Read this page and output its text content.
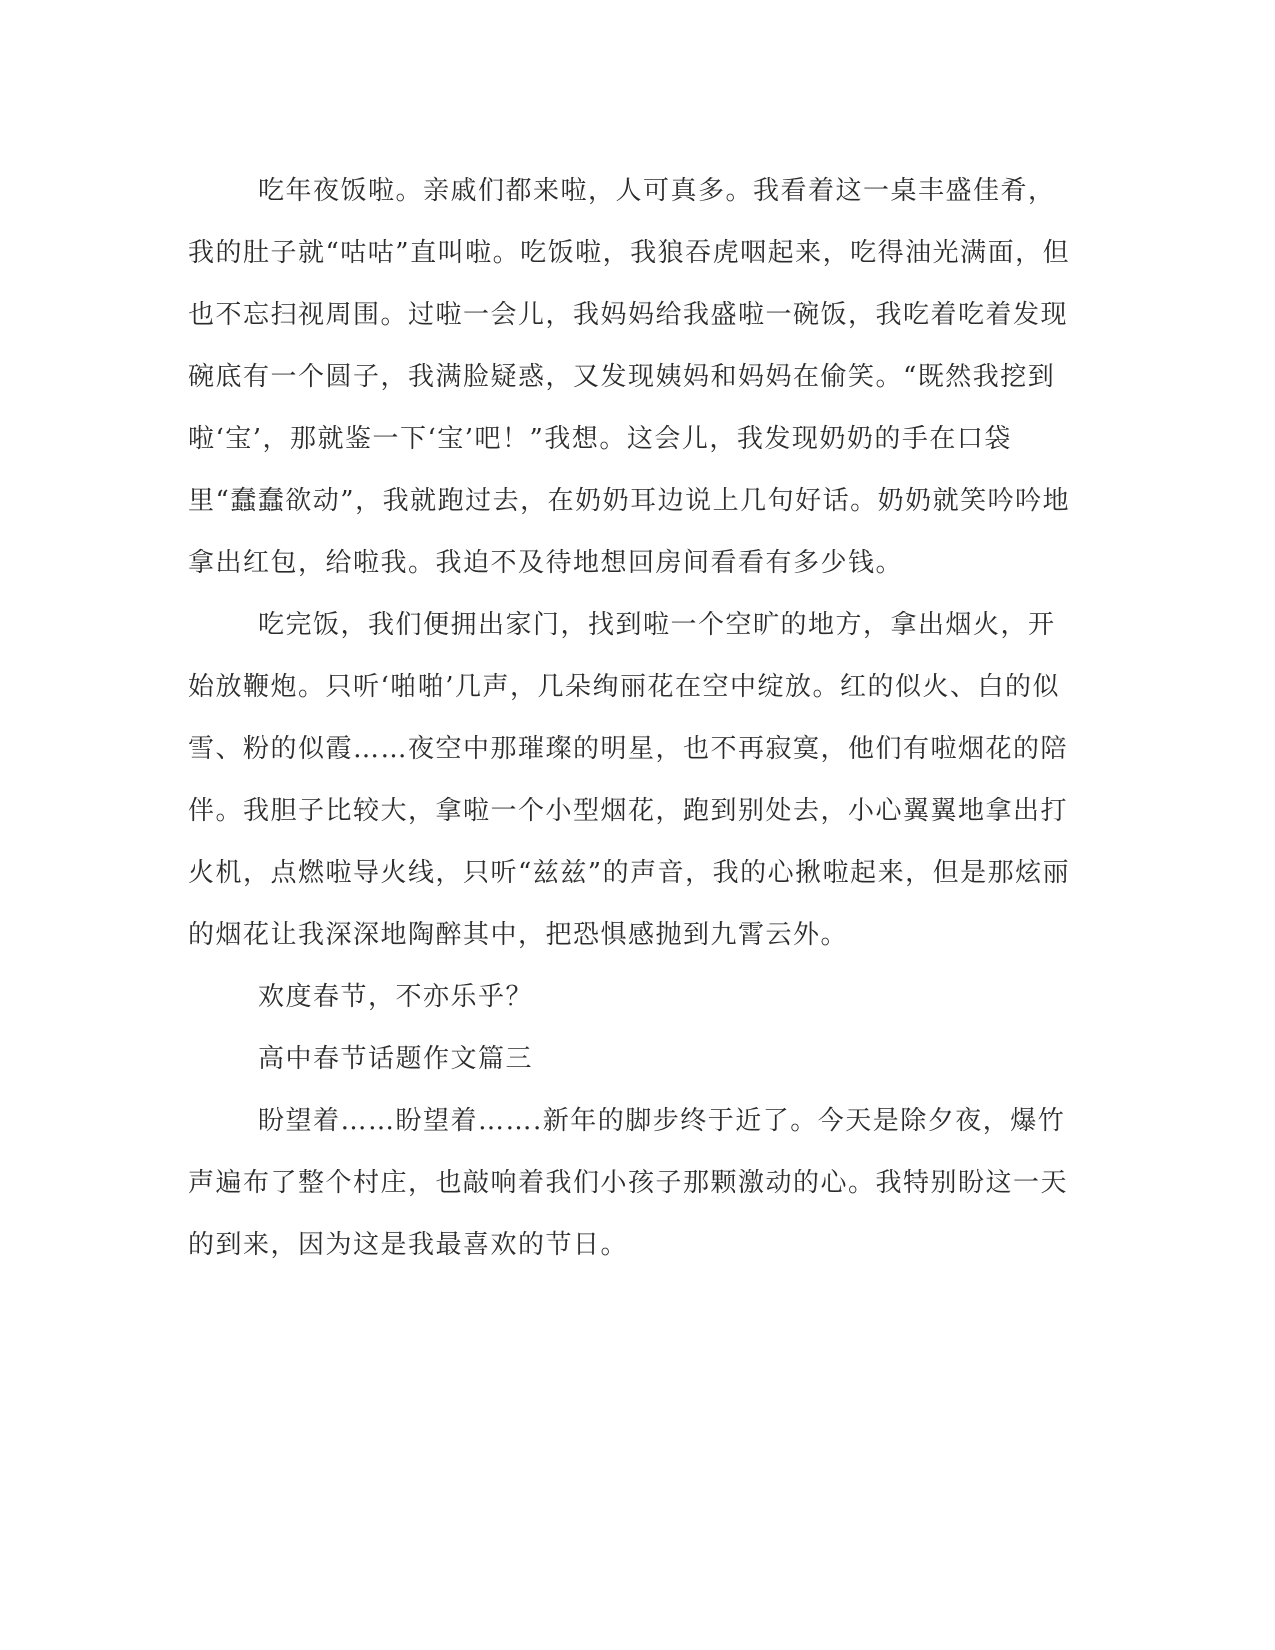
吃年夜饭啦。亲戚们都来啦，人可真多。我看着这一桌丰盛佳肴，我的肚子就“咕咕”直叫啦。吃饭啦，我狼吞虎咽起来，吃得油光满面，但也不忘扫视周围。过啦一会儿，我妈妈给我盛啦一碗饭，我吃着吃着发现碗底有一个圆子，我满脸疑惑，又发现姨妈和妈妈在偷笑。“既然我挖到啦‘宝’，那就鉴一下‘宝’吧！”我想。这会儿，我发现奶奶的手在口袋里“蠢蠢欲动”，我就跑过去，在奶奶耳边说上几句好话。奶奶就笑吟吟地拿出红包，给啦我。我迫不及待地想回房间看看有多少钱。

吃完饭，我们便拥出家门，找到啦一个空旷的地方，拿出烟火，开始放鞭炮。只听‘啪啪’几声，几朵绚丽花在空中绽放。红的似火、白的似雪、粉的似霞……夜空中那璀璨的明星，也不再寂寞，他们有啦烟花的陪伴。我胆子比较大，拿啦一个小型烟花，跑到别处去，小心翼翼地拿出打火机，点燃啦导火线，只听“兹兹”的声音，我的心揪啦起来，但是那炫丽的烟花让我深深地陶醉其中，把恐惧感抛到九霄云外。

欢度春节，不亦乐乎？

高中春节话题作文篇三

盼望着……盼望着…….新年的脚步终于近了。今天是除夕夜，爆竹声遍布了整个村庄，也敲响着我们小孩子那颗激动的心。我特别盼这一天的到来，因为这是我最喜欢的节日。
